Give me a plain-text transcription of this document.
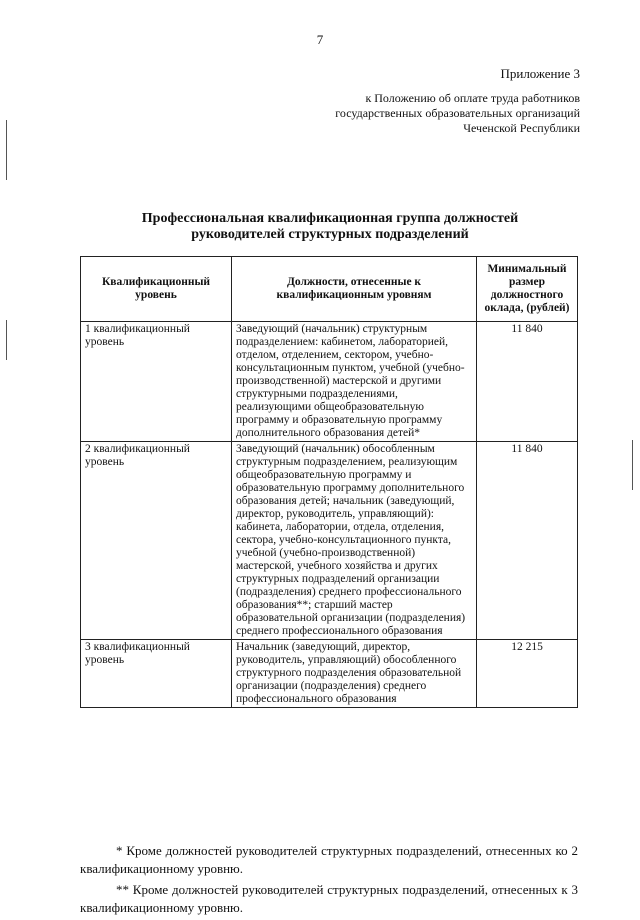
7
Приложение 3
к Положению об оплате труда работников
государственных образовательных организаций
Чеченской Республики
Профессиональная квалификационная группа должностей
руководителей структурных подразделений
Квалификационный уровень	Должности, отнесенные к квалификационным уровням	Минимальный размер должностного оклада, (рублей)
1 квалификационный уровень	Заведующий (начальник) структурным подразделением: кабинетом, лабораторией, отделом, отделением, сектором, учебно-консультационным пунктом, учебной (учебно-производственной) мастерской и другими структурными подразделениями, реализующими общеобразовательную программу и образовательную программу дополнительного образования детей*	11 840
2 квалификационный уровень	Заведующий (начальник) обособленным структурным подразделением, реализующим общеобразовательную программу и образовательную программу дополнительного образования детей; начальник (заведующий, директор, руководитель, управляющий): кабинета, лаборатории, отдела, отделения, сектора, учебно-консультационного пункта, учебной (учебно-производственной) мастерской, учебного хозяйства и других структурных подразделений организации (подразделения) среднего профессионального образования**; старший мастер образовательной организации (подразделения) среднего профессионального образования	11 840
3 квалификационный уровень	Начальник (заведующий, директор, руководитель, управляющий) обособленного структурного подразделения образовательной организации (подразделения) среднего профессионального образования	12 215

* Кроме должностей руководителей структурных подразделений, отнесенных ко 2 квалификационному уровню.

** Кроме должностей руководителей структурных подразделений, отнесенных к 3 квалификационному уровню.
